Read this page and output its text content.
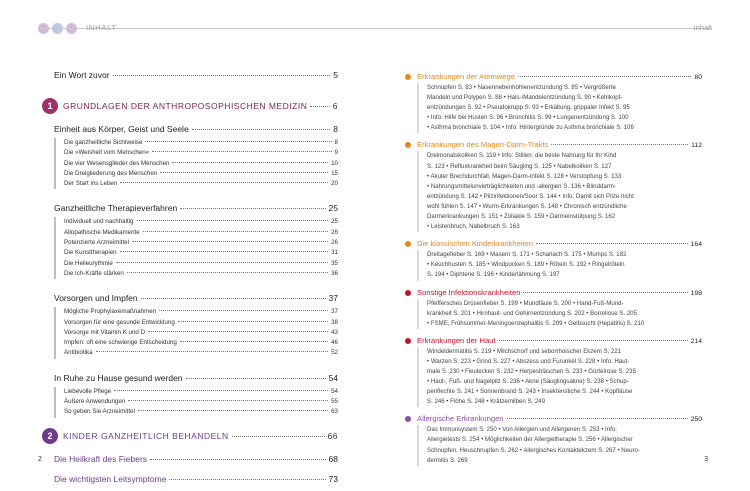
INHALT	Inhalt
Ein Wort zuvor	5
1	GRUNDLAGEN DER ANTHROPOSOPHISCHEN MEDIZIN	6
Einheit aus Körper, Geist und Seele	8
Die ganzheitliche Sichtweise	8
Die »Weisheit vom Menschen«	9
Die vier Wesensglieder des Menschen	10
Die Dreigliederung des Menschen	15
Der Start ins Leben	20
Ganzheitliche Therapieverfahren	25
Individuell und nachhaltig	25
Allopathische Medikamente	26
Potenzierte Arzneimittel	26
Die Kunsttherapien	31
Die Heileurythmie	35
Die Ich-Kräfte stärken	36
Vorsorgen und Impfen	37
Mögliche Prophylaxemaßnahmen	37
Vorsorgen für eine gesunde Entwicklung	38
Vorsorge mit Vitamin K und D	43
Impfen: oft eine schwierige Entscheidung	46
Antibiotika	52
In Ruhe zu Hause gesund werden	54
Liebevolle Pflege	54
Äußere Anwendungen	55
So geben Sie Arzneimittel	63
2	KINDER GANZHEITLICH BEHANDELN	66
Die Heilkraft des Fiebers	68
Die wichtigsten Leitsymptome	73
Erkrankungen der Atemwege	80
Schnupfen S. 83 • Nasennebenhöhlenentzündung S. 85 • Vergrößerte
Mandeln und Polypen S. 88 • Hals-/Mandelentzündung S. 90 • Kehlkopf-
entzündungen S. 92 • Pseudokrupp S. 93 • Erkältung, grippaler Infekt S. 95
• Info: Hilfe bei Husten S. 96 • Bronchitis S. 99 • Lungenentzündung S. 100
• Asthma bronchiale S. 104 • Info: Hintergründe zu Asthma bronchiale S. 106
Erkrankungen des Magen-Darm-Trakts	112
Dreimonatskoliken S. 119 • Info: Stillen: die beste Nahrung für Ihr Kind
S. 123 • Refluxkrankheit beim Säugling S. 125 • Nabelkoliken S. 127
• Akuter Brechdurchfall, Magen-Darm-Infekt S. 128 • Verstopfung S. 133
• Nahrungsmittelunverträglichkeiten und -allergien S. 136 • Blinddarm-
entzündung S. 142 • Pilzinfektionen/Soor S. 144 • Info: Damit sich Pilze nicht
wohl fühlen S. 147 • Wurm-Erkrankungen S. 148 • Chronisch entzündliche
Darmerkrankungen S. 151 • Zöliakie S. 159 • Darmeinstülpung S. 162
• Leistenbruch, Nabelbruch S. 163
Die klassischen Kinderkrankheiten	164
Dreitagefieber S. 169 • Masern S. 171 • Scharlach S. 175 • Mumps S. 182
• Keuchhusten S. 185 • Windpocken S. 189 • Röteln S. 192 • Ringelröteln
S. 194 • Diphterie S. 196 • Kinderlähmung S. 197
Sonstige Infektionskrankheiten	198
Pfeiffersches Drüsenfieber S. 199 • Mundfäule S. 200 • Hand-Fuß-Mund-
krankheit S. 201 • Hirnhaut- und Gehirnentzündung S. 202 • Borreliose S. 205
• FSME, Frühsommer-Meningoenzephalitis S. 209 • Gelbsucht (Hepatitis) S. 210
Erkrankungen der Haut	214
Windeldermatitis S. 219 • Milchschorf und seborrhoischer Ekzem S. 221
• Warzen S. 223 • Grind S. 227 • Abszess und Furunkel S. 228 • Info: Haut-
male S. 230 • Fieulecken S. 232 • Herpesbläschen S. 233 • Gürtelrose S. 235
• Haut-, Fuß- und Nagelpilz S. 236 • Akne (Säuglingsakne) S. 238 • Schup-
penflechte S. 241 • Sonnenbrand S. 243 • Insektenstiche S. 244 • Kopfläuse
S. 246 • Flöhe S. 248 • Krätzemilben S. 249
Allergische Erkrankungen	250
Das Immunsystem S. 250 • Von Allergien und Allergenen S. 253 • Info:
Allergietests S. 254 • Möglichkeiten der Allergietherapie S. 256 • Allergischer
Schnupfen, Heuschnupfen S. 262 • Allergisches Kontaktekzem S. 267 • Neuro-
dermitis S. 269
2	3
